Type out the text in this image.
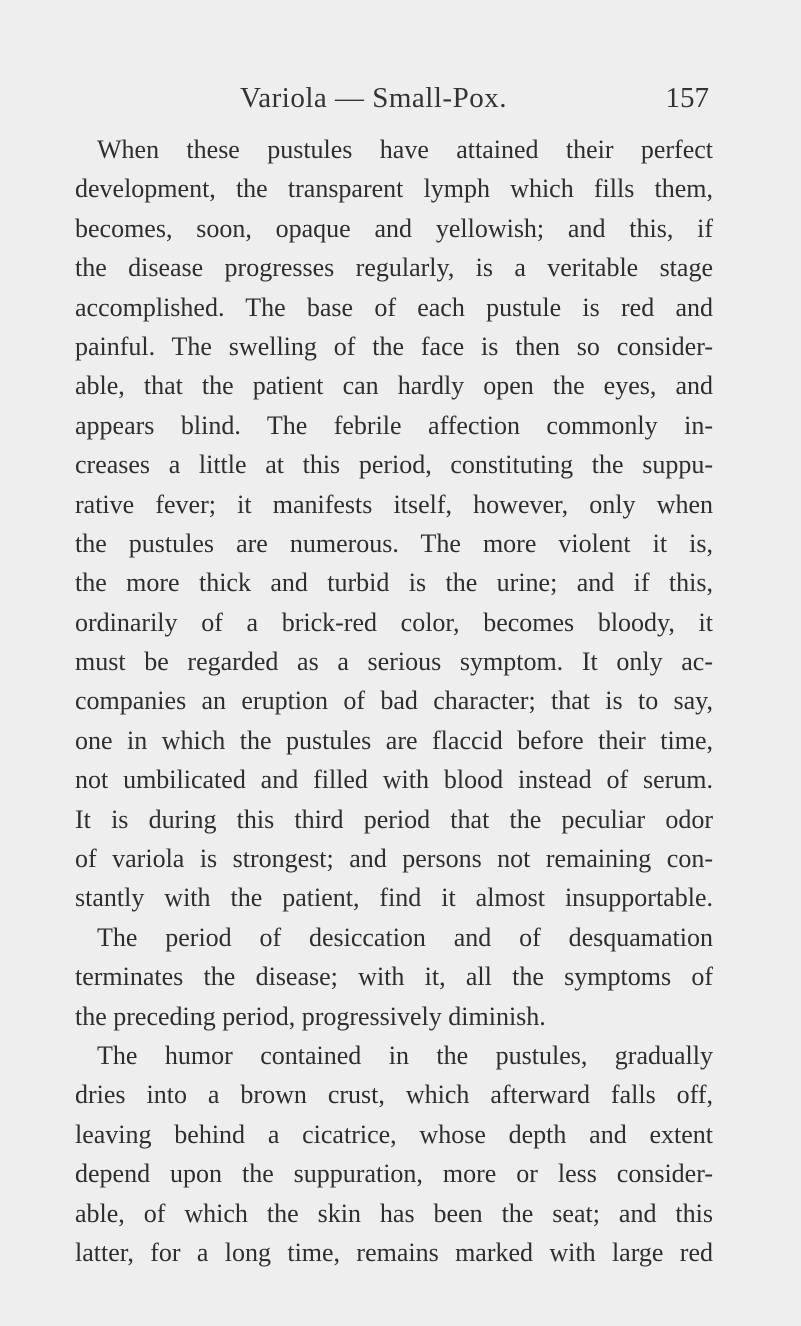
Variola — Small-Pox.	157
When these pustules have attained their perfect
development, the transparent lymph which fills them,
becomes, soon, opaque and yellowish; and this, if
the disease progresses regularly, is a veritable stage
accomplished. The base of each pustule is red and
painful. The swelling of the face is then so consider-
able, that the patient can hardly open the eyes, and
appears blind. The febrile affection commonly in-
creases a little at this period, constituting the suppu-
rative fever; it manifests itself, however, only when
the pustules are numerous. The more violent it is,
the more thick and turbid is the urine; and if this,
ordinarily of a brick-red color, becomes bloody, it
must be regarded as a serious symptom. It only ac-
companies an eruption of bad character; that is to say,
one in which the pustules are flaccid before their time,
not umbilicated and filled with blood instead of serum.
It is during this third period that the peculiar odor
of variola is strongest; and persons not remaining con-
stantly with the patient, find it almost insupportable.
The period of desiccation and of desquamation
terminates the disease; with it, all the symptoms of
the preceding period, progressively diminish.
The humor contained in the pustules, gradually
dries into a brown crust, which afterward falls off,
leaving behind a cicatrice, whose depth and extent
depend upon the suppuration, more or less consider-
able, of which the skin has been the seat; and this
latter, for a long time, remains marked with large red
